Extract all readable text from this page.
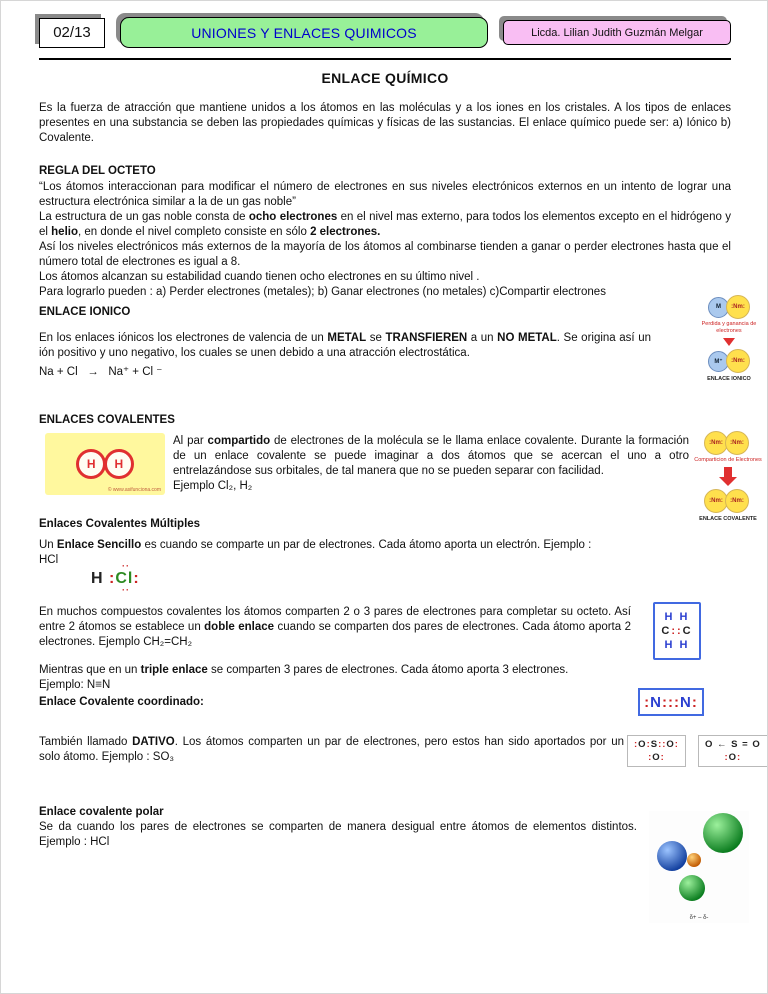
02/13	UNIONES Y ENLACES QUIMICOS	Licda. Lilian Judith Guzmán Melgar
ENLACE QUÍMICO
Es la fuerza de atracción que mantiene unidos a los átomos en las moléculas y a los iones en los cristales. A los tipos de enlaces presentes en una substancia se deben las propiedades químicas y físicas de las sustancias. El enlace químico puede ser: a) Iónico b) Covalente.
REGLA DEL OCTETO
“Los átomos interaccionan para modificar el número de electrones en sus niveles electrónicos externos en un intento de lograr una estructura electrónica similar a la de un gas noble”
La estructura de un gas noble consta de ocho electrones en el nivel mas externo, para todos los elementos excepto en el hidrógeno y el helio, en donde el nivel completo consiste en sólo 2 electrones.
Así los niveles electrónicos más externos de la mayoría de los átomos al combinarse tienden a ganar o perder electrones hasta que el número total de electrones es igual a 8.
Los átomos alcanzan su estabilidad cuando tienen ocho electrones en su último nivel .
Para lograrlo pueden : a) Perder electrones (metales); b) Ganar electrones (no metales) c)Compartir electrones
ENLACE IONICO
En los enlaces iónicos los electrones de valencia de un METAL se TRANSFIEREN a un NO METAL. Se origina así un ión positivo y uno negativo, los cuales se unen debido a una atracción electrostática.
Na + Cl   →   Na⁺ + Cl ⁻
ENLACES COVALENTES
Al par compartido de electrones de la molécula se le llama enlace covalente. Durante la formación de un enlace covalente se puede imaginar a dos átomos que se acercan el uno a otro entrelazándose sus orbitales, de tal manera que no se pueden separar con facilidad.
Ejemplo Cl₂, H₂
Enlaces Covalentes Múltiples
Un Enlace Sencillo es cuando se comparte un par de electrones. Cada átomo aporta un electrón. Ejemplo :
HCl
En muchos compuestos covalentes los átomos comparten 2 o 3 pares de electrones para completar su octeto. Así entre 2 átomos se establece un doble enlace cuando se comparten dos pares de electrones. Cada átomo aporta 2 electrones. Ejemplo CH₂=CH₂
Mientras que en un triple enlace se comparten 3 pares de electrones. Cada átomo aporta 3 electrones.
Ejemplo: N≡N
Enlace Covalente coordinado:
También llamado DATIVO. Los átomos comparten un par de electrones, pero estos han sido aportados por un solo átomo. Ejemplo : SO₃
Enlace covalente polar
Se da cuando los pares de electrones se comparten de manera desigual entre átomos de elementos distintos. Ejemplo : HCl
M :Nm:
Perdida y ganancia de electrones
M⁺ :Nm:
ENLACE IONICO
:Nm: :Nm:
Comparticion de Electrones
:Nm: :Nm:
ENLACE COVALENTE
H : H
© www.asifunciona.com
··
H :Cl:
··
H H
C::C
H H
:N:::N:
:O:S::O:
:O:
O ← S = O
:O:
δ+ – δ-
